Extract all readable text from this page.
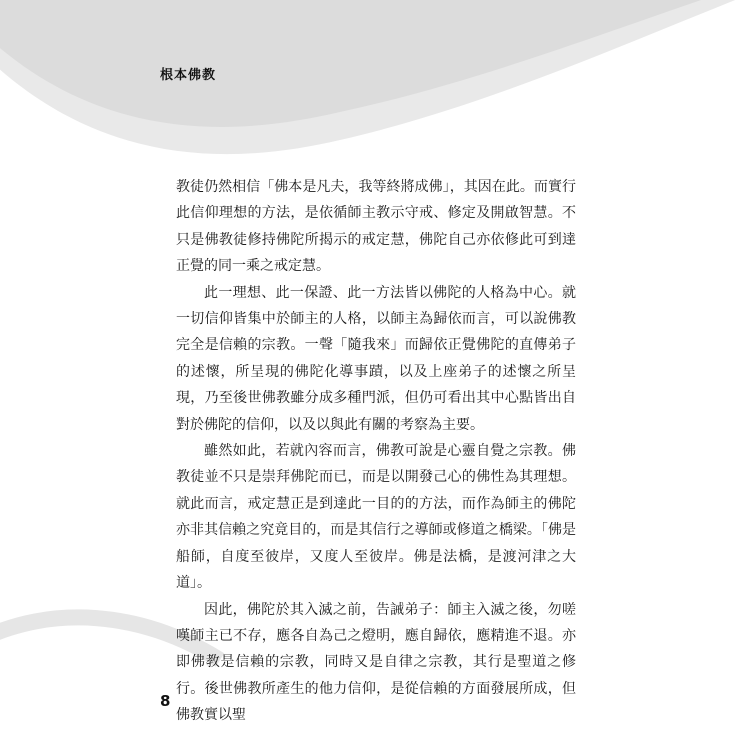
根本佛教

教徒仍然相信「佛本是凡夫，我等終將成佛」，其因在此。而實行此信仰理想的方法，是依循師主教示守戒、修定及開啟智慧。不只是佛教徒修持佛陀所揭示的戒定慧，佛陀自己亦依修此可到達正覺的同一乘之戒定慧。

此一理想、此一保證、此一方法皆以佛陀的人格為中心。就一切信仰皆集中於師主的人格，以師主為歸依而言，可以說佛教完全是信賴的宗教。一聲「隨我來」而歸依正覺佛陀的直傳弟子的述懷，所呈現的佛陀化導事蹟，以及上座弟子的述懷之所呈現，乃至後世佛教雖分成多種門派，但仍可看出其中心點皆出自對於佛陀的信仰，以及以與此有關的考察為主要。

雖然如此，若就內容而言，佛教可說是心靈自覺之宗教。佛教徒並不只是崇拜佛陀而已，而是以開發己心的佛性為其理想。就此而言，戒定慧正是到達此一目的的方法，而作為師主的佛陀亦非其信賴之究竟目的，而是其信行之導師或修道之橋梁。「佛是船師，自度至彼岸，又度人至彼岸。佛是法橋，是渡河津之大道」。

因此，佛陀於其入滅之前，告誡弟子：師主入滅之後，勿嗟嘆師主已不存，應各自為己之燈明，應自歸依，應精進不退。亦即佛教是信賴的宗教，同時又是自律之宗教，其行是聖道之修行。後世佛教所產生的他力信仰，是從信賴的方面發展所成，但佛教實以聖

8
